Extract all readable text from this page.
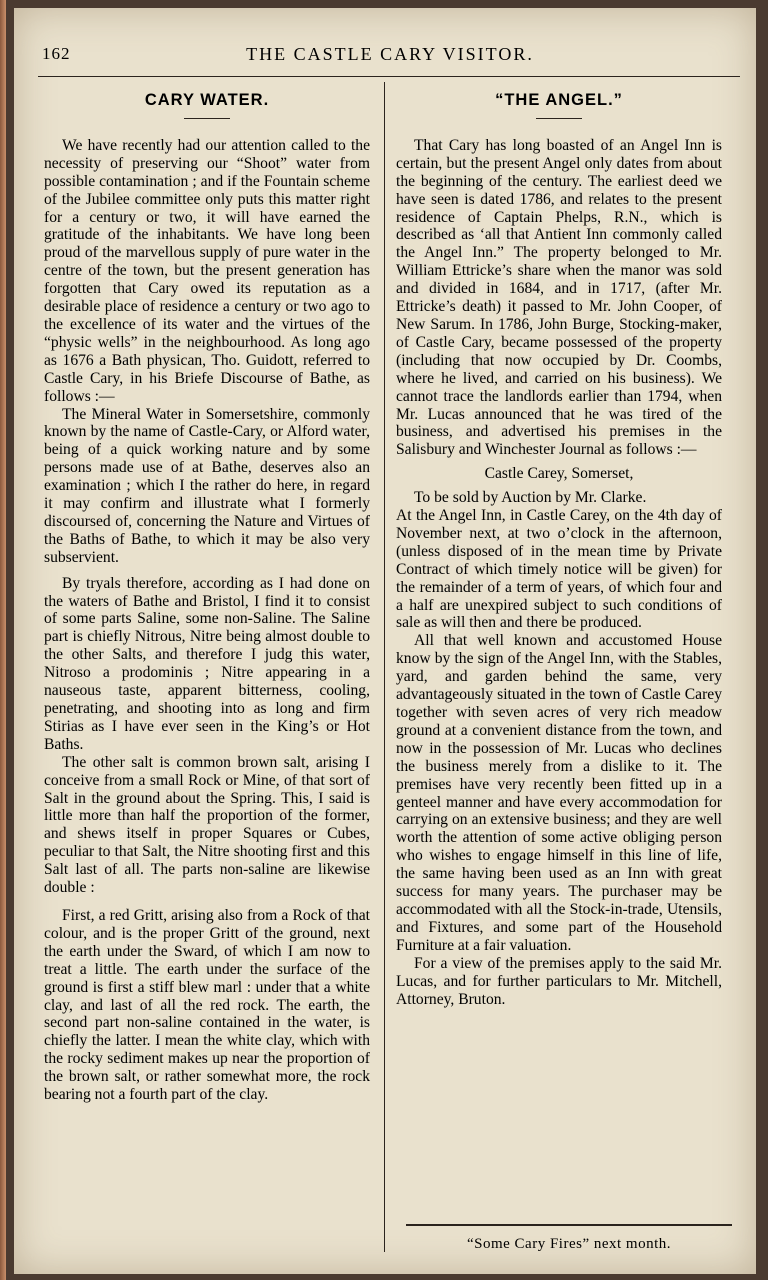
162	THE CASTLE CARY VISITOR.
CARY WATER.

We have recently had our attention called to the necessity of preserving our “Shoot” water from possible contamination ; and if the Fountain scheme of the Jubilee committee only puts this matter right for a century or two, it will have earned the gratitude of the inhabitants. We have long been proud of the marvellous supply of pure water in the centre of the town, but the present generation has forgotten that Cary owed its reputation as a desirable place of residence a century or two ago to the excellence of its water and the virtues of the “physic wells” in the neighbourhood. As long ago as 1676 a Bath physican, Tho. Guidott, referred to Castle Cary, in his Briefe Discourse of Bathe, as follows :—

The Mineral Water in Somersetshire, commonly known by the name of Castle-Cary, or Alford water, being of a quick working nature and by some persons made use of at Bathe, deserves also an examination ; which I the rather do here, in regard it may confirm and illustrate what I formerly discoursed of, concerning the Nature and Virtues of the Baths of Bathe, to which it may be also very subservient.

By tryals therefore, according as I had done on the waters of Bathe and Bristol, I find it to consist of some parts Saline, some non-Saline. The Saline part is chiefly Nitrous, Nitre being almost double to the other Salts, and therefore I judg this water, Nitroso a prodominis ; Nitre appearing in a nauseous taste, apparent bitterness, cooling, penetrating, and shooting into as long and firm Stirias as I have ever seen in the King’s or Hot Baths.

The other salt is common brown salt, arising I conceive from a small Rock or Mine, of that sort of Salt in the ground about the Spring. This, I said is little more than half the proportion of the former, and shews itself in proper Squares or Cubes, peculiar to that Salt, the Nitre shooting first and this Salt last of all. The parts non-saline are likewise double :

First, a red Gritt, arising also from a Rock of that colour, and is the proper Gritt of the ground, next the earth under the Sward, of which I am now to treat a little. The earth under the surface of the ground is first a stiff blew marl : under that a white clay, and last of all the red rock. The earth, the second part non-saline contained in the water, is chiefly the latter. I mean the white clay, which with the rocky sediment makes up near the proportion of the brown salt, or rather somewhat more, the rock bearing not a fourth part of the clay.

“THE ANGEL.”

That Cary has long boasted of an Angel Inn is certain, but the present Angel only dates from about the beginning of the century. The earliest deed we have seen is dated 1786, and relates to the present residence of Captain Phelps, R.N., which is described as ‘all that Antient Inn commonly called the Angel Inn.” The property belonged to Mr. William Ettricke’s share when the manor was sold and divided in 1684, and in 1717, (after Mr. Ettricke’s death) it passed to Mr. John Cooper, of New Sarum. In 1786, John Burge, Stocking-maker, of Castle Cary, became possessed of the property (including that now occupied by Dr. Coombs, where he lived, and carried on his business). We cannot trace the landlords earlier than 1794, when Mr. Lucas announced that he was tired of the business, and advertised his premises in the Salisbury and Winchester Journal as follows :—

Castle Carey, Somerset,

To be sold by Auction by Mr. Clarke.

At the Angel Inn, in Castle Carey, on the 4th day of November next, at two o’clock in the afternoon, (unless disposed of in the mean time by Private Contract of which timely notice will be given) for the remainder of a term of years, of which four and a half are unexpired subject to such conditions of sale as will then and there be produced.

All that well known and accustomed House know by the sign of the Angel Inn, with the Stables, yard, and garden behind the same, very advantageously situated in the town of Castle Carey together with seven acres of very rich meadow ground at a convenient distance from the town, and now in the possession of Mr. Lucas who declines the business merely from a dislike to it. The premises have very recently been fitted up in a genteel manner and have every accommodation for carrying on an extensive business; and they are well worth the attention of some active obliging person who wishes to engage himself in this line of life, the same having been used as an Inn with great success for many years. The purchaser may be accommodated with all the Stock-in-trade, Utensils, and Fixtures, and some part of the Household Furniture at a fair valuation.

For a view of the premises apply to the said Mr. Lucas, and for further particulars to Mr. Mitchell, Attorney, Bruton.

“Some Cary Fires” next month.
